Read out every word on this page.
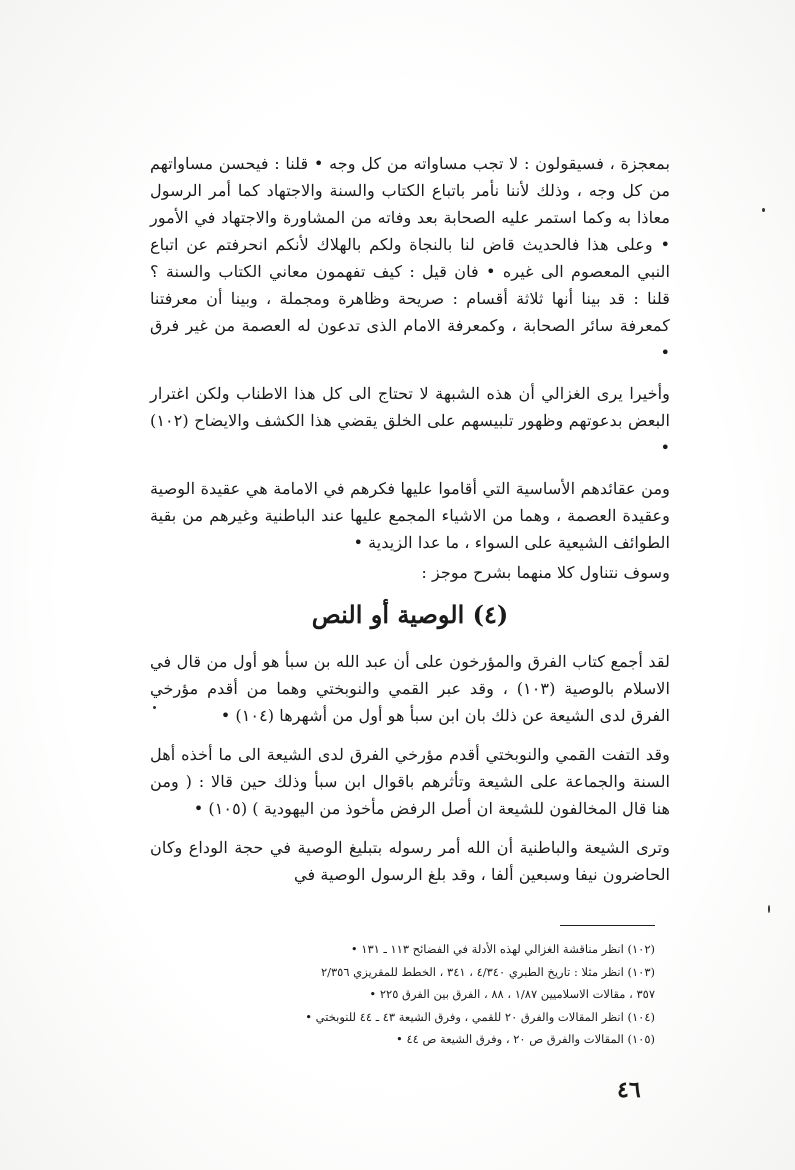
بمعجزة ، فسيقولون : لا تجب مساواته من كل وجه • قلنا : فيحسن مساواتهم من كل وجه ، وذلك لأننا نأمر باتباع الكتاب والسنة والاجتهاد كما أمر الرسول معاذا به وكما استمر عليه الصحابة بعد وفاته من المشاورة والاجتهاد في الأمور • وعلى هذا فالحديث قاض لنا بالنجاة ولكم بالهلاك لأنكم انحرفتم عن اتباع النبي المعصوم الى غيره • فان قيل : كيف تفهمون معاني الكتاب والسنة ؟ قلنا : قد بينا أنها ثلاثة أقسام : صريحة وظاهرة ومجملة ، وبينا أن معرفتنا كمعرفة سائر الصحابة ، وكمعرفة الامام الذى تدعون له العصمة من غير فرق •

وأخيرا يرى الغزالي أن هذه الشبهة لا تحتاج الى كل هذا الاطناب ولكن اغترار البعض بدعوتهم وظهور تلبيسهم على الخلق يقضي هذا الكشف والايضاح (١٠٢) •

ومن عقائدهم الأساسية التي أقاموا عليها فكرهم في الامامة هي عقيدة الوصية وعقيدة العصمة ، وهما من الاشياء المجمع عليها عند الباطنية وغيرهم من بقية الطوائف الشيعية على السواء ، ما عدا الزيدية •

وسوف نتناول كلا منهما بشرح موجز :

(٤) الوصية أو النص

لقد أجمع كتاب الفرق والمؤرخون على أن عبد الله بن سبأ هو أول من قال في الاسلام بالوصية (١٠٣) ، وقد عبر القمي والنوبختي وهما من أقدم مؤرخي الفرق لدى الشيعة عن ذلك بان ابن سبأ هو أول من أشهرها (١٠٤) •

وقد التفت القمي والنوبختي أقدم مؤرخي الفرق لدى الشيعة الى ما أخذه أهل السنة والجماعة على الشيعة وتأثرهم باقوال ابن سبأ وذلك حين قالا : ( ومن هنا قال المخالفون للشيعة ان أصل الرفض مأخوذ من اليهودية ) (١٠٥) •

وترى الشيعة والباطنية أن الله أمر رسوله بتبليغ الوصية في حجة الوداع وكان الحاضرون نيفا وسبعين ألفا ، وقد بلغ الرسول الوصية في

(١٠٢) انظر مناقشة الغزالي لهذه الأدلة في الفضائح ١١٣ ـ ١٣١ •

(١٠٣) انظر مثلا : تاريخ الطبري ٤/٣٤٠ ، ٣٤١ ، الخطط للمقريزي ٢/٣٥٦

٣٥٧ ، مقالات الاسلاميين ١/٨٧ ، ٨٨ ، الفرق بين الفرق ٢٢٥ •

(١٠٤) انظر المقالات والفرق ٢٠ للقمي ، وفرق الشيعة ٤٣ ـ ٤٤ للنوبختي •

(١٠٥) المقالات والفرق ص ٢٠ ، وفرق الشيعة ص ٤٤ •

٤٦
